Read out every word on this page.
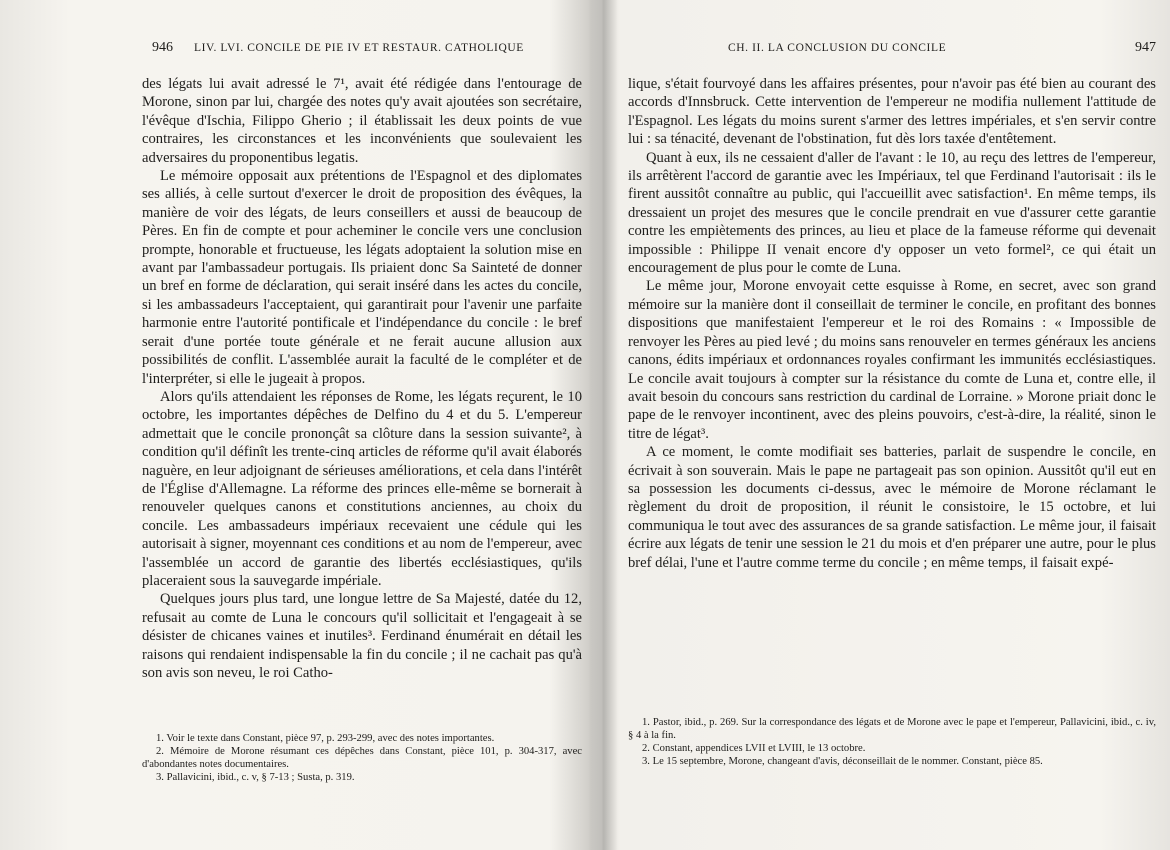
946 LIV. LVI. CONCILE DE PIE IV ET RESTAUR. CATHOLIQUE

des légats lui avait adressé le 7¹, avait été rédigée dans l'entourage de Morone, sinon par lui, chargée des notes qu'y avait ajoutées son secrétaire, l'évêque d'Ischia, Filippo Gherio ; il établissait les deux points de vue contraires, les circonstances et les inconvénients que soulevaient les adversaires du proponentibus legatis.

Le mémoire opposait aux prétentions de l'Espagnol et des diplomates ses alliés, à celle surtout d'exercer le droit de proposition des évêques, la manière de voir des légats, de leurs conseillers et aussi de beaucoup de Pères. En fin de compte et pour acheminer le concile vers une conclusion prompte, honorable et fructueuse, les légats adoptaient la solution mise en avant par l'ambassadeur portugais. Ils priaient donc Sa Sainteté de donner un bref en forme de déclaration, qui serait inséré dans les actes du concile, si les ambassadeurs l'acceptaient, qui garantirait pour l'avenir une parfaite harmonie entre l'autorité pontificale et l'indépendance du concile : le bref serait d'une portée toute générale et ne ferait aucune allusion aux possibilités de conflit. L'assemblée aurait la faculté de le compléter et de l'interpréter, si elle le jugeait à propos.

Alors qu'ils attendaient les réponses de Rome, les légats reçurent, le 10 octobre, les importantes dépêches de Delfino du 4 et du 5. L'empereur admettait que le concile prononçât sa clôture dans la session suivante², à condition qu'il définît les trente-cinq articles de réforme qu'il avait élaborés naguère, en leur adjoignant de sérieuses améliorations, et cela dans l'intérêt de l'Église d'Allemagne. La réforme des princes elle-même se bornerait à renouveler quelques canons et constitutions anciennes, au choix du concile. Les ambassadeurs impériaux recevaient une cédule qui les autorisait à signer, moyennant ces conditions et au nom de l'empereur, avec l'assemblée un accord de garantie des libertés ecclésiastiques, qu'ils placeraient sous la sauvegarde impériale.

Quelques jours plus tard, une longue lettre de Sa Majesté, datée du 12, refusait au comte de Luna le concours qu'il sollicitait et l'engageait à se désister de chicanes vaines et inutiles³. Ferdinand énumérait en détail les raisons qui rendaient indispensable la fin du concile ; il ne cachait pas qu'à son avis son neveu, le roi Catho-

1. Voir le texte dans Constant, pièce 97, p. 293-299, avec des notes importantes.

2. Mémoire de Morone résumant ces dépêches dans Constant, pièce 101, p. 304-317, avec d'abondantes notes documentaires.

3. Pallavicini, ibid., c. v, § 7-13 ; Susta, p. 319.

CH. II. LA CONCLUSION DU CONCILE	947

lique, s'était fourvoyé dans les affaires présentes, pour n'avoir pas été bien au courant des accords d'Innsbruck. Cette intervention de l'empereur ne modifia nullement l'attitude de l'Espagnol. Les légats du moins surent s'armer des lettres impériales, et s'en servir contre lui : sa ténacité, devenant de l'obstination, fut dès lors taxée d'entêtement.

Quant à eux, ils ne cessaient d'aller de l'avant : le 10, au reçu des lettres de l'empereur, ils arrêtèrent l'accord de garantie avec les Impériaux, tel que Ferdinand l'autorisait : ils le firent aussitôt connaître au public, qui l'accueillit avec satisfaction¹. En même temps, ils dressaient un projet des mesures que le concile prendrait en vue d'assurer cette garantie contre les empiètements des princes, au lieu et place de la fameuse réforme qui devenait impossible : Philippe II venait encore d'y opposer un veto formel², ce qui était un encouragement de plus pour le comte de Luna.

Le même jour, Morone envoyait cette esquisse à Rome, en secret, avec son grand mémoire sur la manière dont il conseillait de terminer le concile, en profitant des bonnes dispositions que manifestaient l'empereur et le roi des Romains : « Impossible de renvoyer les Pères au pied levé ; du moins sans renouveler en termes généraux les anciens canons, édits impériaux et ordonnances royales confirmant les immunités ecclésiastiques. Le concile avait toujours à compter sur la résistance du comte de Luna et, contre elle, il avait besoin du concours sans restriction du cardinal de Lorraine. » Morone priait donc le pape de le renvoyer incontinent, avec des pleins pouvoirs, c'est-à-dire, la réalité, sinon le titre de légat³.

A ce moment, le comte modifiait ses batteries, parlait de suspendre le concile, en écrivait à son souverain. Mais le pape ne partageait pas son opinion. Aussitôt qu'il eut en sa possession les documents ci-dessus, avec le mémoire de Morone réclamant le règlement du droit de proposition, il réunit le consistoire, le 15 octobre, et lui communiqua le tout avec des assurances de sa grande satisfaction. Le même jour, il faisait écrire aux légats de tenir une session le 21 du mois et d'en préparer une autre, pour le plus bref délai, l'une et l'autre comme terme du concile ; en même temps, il faisait expé-

1. Pastor, ibid., p. 269. Sur la correspondance des légats et de Morone avec le pape et l'empereur, Pallavicini, ibid., c. iv, § 4 à la fin.

2. Constant, appendices LVII et LVIII, le 13 octobre.

3. Le 15 septembre, Morone, changeant d'avis, déconseillait de le nommer. Constant, pièce 85.
